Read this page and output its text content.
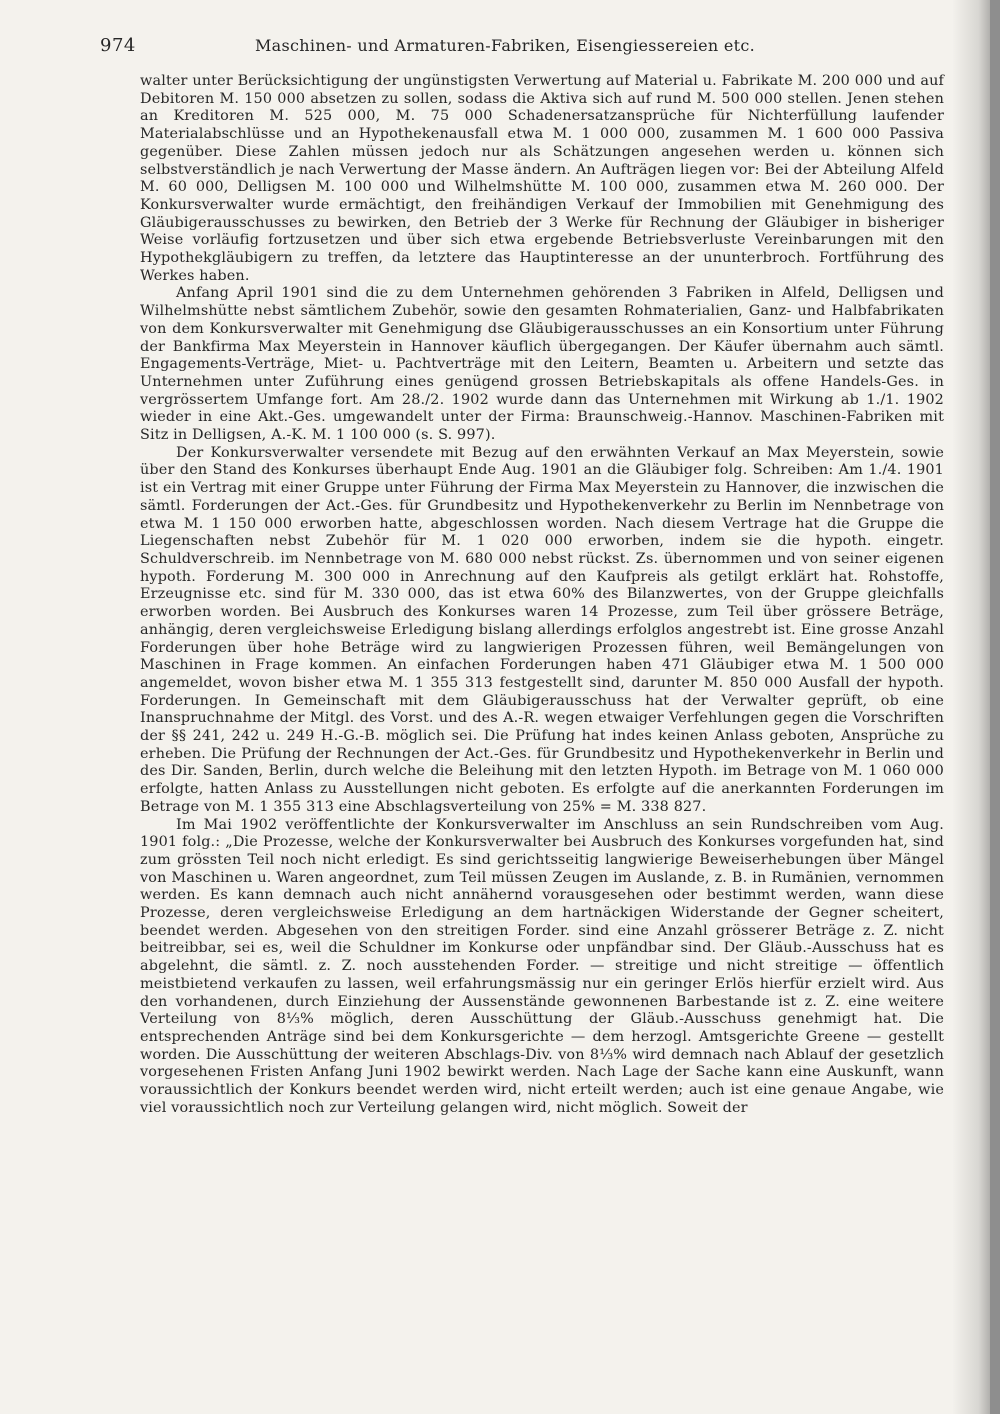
974	Maschinen- und Armaturen-Fabriken, Eisengiessereien etc.

walter unter Berücksichtigung der ungünstigsten Verwertung auf Material u. Fabrikate M. 200 000 und auf Debitoren M. 150 000 absetzen zu sollen, sodass die Aktiva sich auf rund M. 500 000 stellen. Jenen stehen an Kreditoren M. 525 000, M. 75 000 Schadenersatzansprüche für Nichterfüllung laufender Materialabschlüsse und an Hypothekenausfall etwa M. 1 000 000, zusammen M. 1 600 000 Passiva gegenüber. Diese Zahlen müssen jedoch nur als Schätzungen angesehen werden u. können sich selbstverständlich je nach Verwertung der Masse ändern. An Aufträgen liegen vor: Bei der Abteilung Alfeld M. 60 000, Delligsen M. 100 000 und Wilhelmshütte M. 100 000, zusammen etwa M. 260 000. Der Konkursverwalter wurde ermächtigt, den freihändigen Verkauf der Immobilien mit Genehmigung des Gläubigerausschusses zu bewirken, den Betrieb der 3 Werke für Rechnung der Gläubiger in bisheriger Weise vorläufig fortzusetzen und über sich etwa ergebende Betriebsverluste Vereinbarungen mit den Hypothekgläubigern zu treffen, da letztere das Hauptinteresse an der ununterbroch. Fortführung des Werkes haben.

Anfang April 1901 sind die zu dem Unternehmen gehörenden 3 Fabriken in Alfeld, Delligsen und Wilhelmshütte nebst sämtlichem Zubehör, sowie den gesamten Rohmaterialien, Ganz- und Halbfabrikaten von dem Konkursverwalter mit Genehmigung dse Gläubigerausschusses an ein Konsortium unter Führung der Bankfirma Max Meyerstein in Hannover käuflich übergegangen. Der Käufer übernahm auch sämtl. Engagements-Verträge, Miet- u. Pachtverträge mit den Leitern, Beamten u. Arbeitern und setzte das Unternehmen unter Zuführung eines genügend grossen Betriebskapitals als offene Handels-Ges. in vergrössertem Umfange fort. Am 28./2. 1902 wurde dann das Unternehmen mit Wirkung ab 1./1. 1902 wieder in eine Akt.-Ges. umgewandelt unter der Firma: Braunschweig.-Hannov. Maschinen-Fabriken mit Sitz in Delligsen, A.-K. M. 1 100 000 (s. S. 997).

Der Konkursverwalter versendete mit Bezug auf den erwähnten Verkauf an Max Meyerstein, sowie über den Stand des Konkurses überhaupt Ende Aug. 1901 an die Gläubiger folg. Schreiben: Am 1./4. 1901 ist ein Vertrag mit einer Gruppe unter Führung der Firma Max Meyerstein zu Hannover, die inzwischen die sämtl. Forderungen der Act.-Ges. für Grundbesitz und Hypothekenverkehr zu Berlin im Nennbetrage von etwa M. 1 150 000 erworben hatte, abgeschlossen worden. Nach diesem Vertrage hat die Gruppe die Liegenschaften nebst Zubehör für M. 1 020 000 erworben, indem sie die hypoth. eingetr. Schuldverschreib. im Nennbetrage von M. 680 000 nebst rückst. Zs. übernommen und von seiner eigenen hypoth. Forderung M. 300 000 in Anrechnung auf den Kaufpreis als getilgt erklärt hat. Rohstoffe, Erzeugnisse etc. sind für M. 330 000, das ist etwa 60% des Bilanzwertes, von der Gruppe gleichfalls erworben worden. Bei Ausbruch des Konkurses waren 14 Prozesse, zum Teil über grössere Beträge, anhängig, deren vergleichsweise Erledigung bislang allerdings erfolglos angestrebt ist. Eine grosse Anzahl Forderungen über hohe Beträge wird zu langwierigen Prozessen führen, weil Bemängelungen von Maschinen in Frage kommen. An einfachen Forderungen haben 471 Gläubiger etwa M. 1 500 000 angemeldet, wovon bisher etwa M. 1 355 313 festgestellt sind, darunter M. 850 000 Ausfall der hypoth. Forderungen. In Gemeinschaft mit dem Gläubigerausschuss hat der Verwalter geprüft, ob eine Inanspruchnahme der Mitgl. des Vorst. und des A.-R. wegen etwaiger Verfehlungen gegen die Vorschriften der §§ 241, 242 u. 249 H.-G.-B. möglich sei. Die Prüfung hat indes keinen Anlass geboten, Ansprüche zu erheben. Die Prüfung der Rechnungen der Act.-Ges. für Grundbesitz und Hypothekenverkehr in Berlin und des Dir. Sanden, Berlin, durch welche die Beleihung mit den letzten Hypoth. im Betrage von M. 1 060 000 erfolgte, hatten Anlass zu Ausstellungen nicht geboten. Es erfolgte auf die anerkannten Forderungen im Betrage von M. 1 355 313 eine Abschlagsverteilung von 25% = M. 338 827.

Im Mai 1902 veröffentlichte der Konkursverwalter im Anschluss an sein Rundschreiben vom Aug. 1901 folg.: „Die Prozesse, welche der Konkursverwalter bei Ausbruch des Konkurses vorgefunden hat, sind zum grössten Teil noch nicht erledigt. Es sind gerichtsseitig langwierige Beweiserhebungen über Mängel von Maschinen u. Waren angeordnet, zum Teil müssen Zeugen im Auslande, z. B. in Rumänien, vernommen werden. Es kann demnach auch nicht annähernd vorausgesehen oder bestimmt werden, wann diese Prozesse, deren vergleichsweise Erledigung an dem hartnäckigen Widerstande der Gegner scheitert, beendet werden. Abgesehen von den streitigen Forder. sind eine Anzahl grösserer Beträge z. Z. nicht beitreibbar, sei es, weil die Schuldner im Konkurse oder unpfändbar sind. Der Gläub.-Ausschuss hat es abgelehnt, die sämtl. z. Z. noch ausstehenden Forder. — streitige und nicht streitige — öffentlich meistbietend verkaufen zu lassen, weil erfahrungsmässig nur ein geringer Erlös hierfür erzielt wird. Aus den vorhandenen, durch Einziehung der Aussenstände gewonnenen Barbestande ist z. Z. eine weitere Verteilung von 8⅓% möglich, deren Ausschüttung der Gläub.-Ausschuss genehmigt hat. Die entsprechenden Anträge sind bei dem Konkursgerichte — dem herzogl. Amtsgerichte Greene — gestellt worden. Die Ausschüttung der weiteren Abschlags-Div. von 8⅓% wird demnach nach Ablauf der gesetzlich vorgesehenen Fristen Anfang Juni 1902 bewirkt werden. Nach Lage der Sache kann eine Auskunft, wann voraussichtlich der Konkurs beendet werden wird, nicht erteilt werden; auch ist eine genaue Angabe, wie viel voraussichtlich noch zur Verteilung gelangen wird, nicht möglich. Soweit der
